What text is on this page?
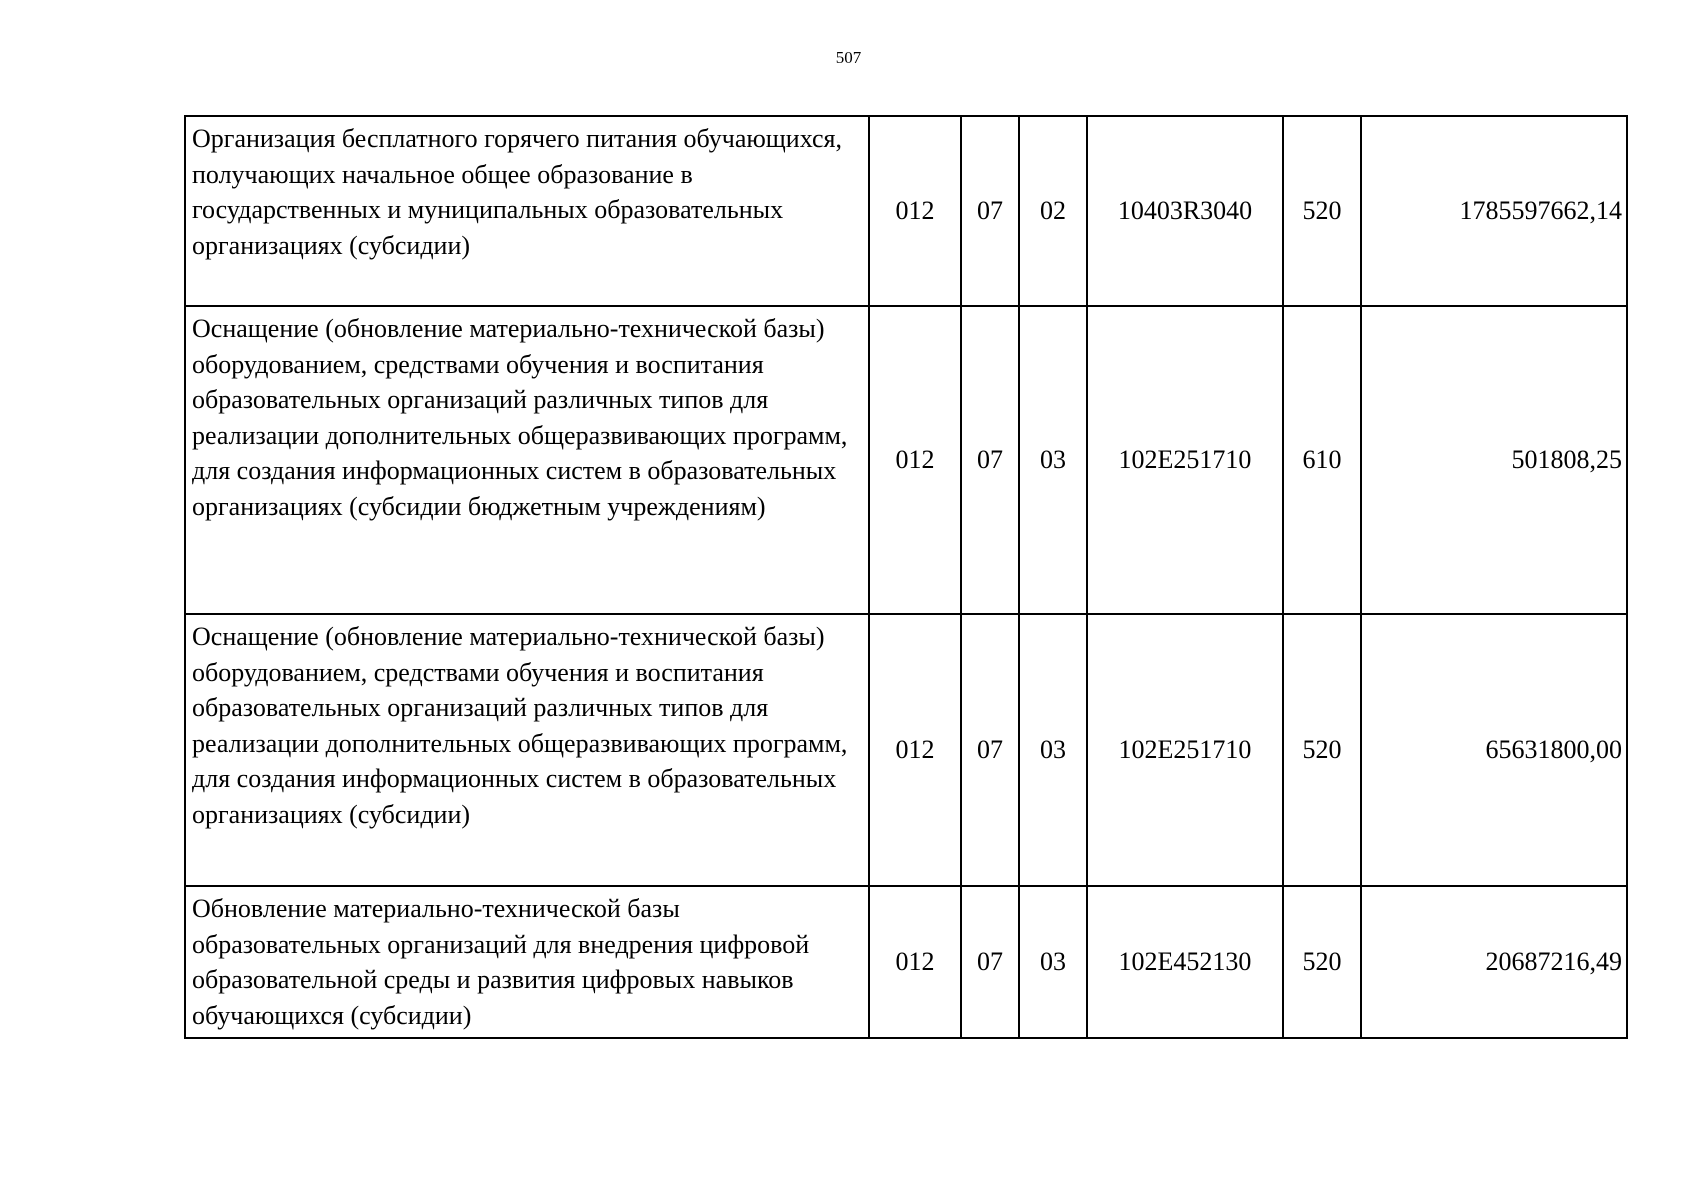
507
Организация бесплатного горячего питания обучающихся, получающих начальное общее образование в государственных и муниципальных образовательных организациях (субсидии)	012	07	02	10403R3040	520	1785597662,14
Оснащение (обновление материально-технической базы) оборудованием, средствами обучения и воспитания образовательных организаций различных типов для реализации дополнительных общеразвивающих программ, для создания информационных систем в образовательных организациях (субсидии бюджетным учреждениям)	012	07	03	102E251710	610	501808,25
Оснащение (обновление материально-технической базы) оборудованием, средствами обучения и воспитания образовательных организаций различных типов для реализации дополнительных общеразвивающих программ, для создания информационных систем в образовательных организациях (субсидии)	012	07	03	102E251710	520	65631800,00
Обновление материально-технической базы образовательных организаций для внедрения цифровой образовательной среды и развития цифровых навыков обучающихся (субсидии)	012	07	03	102E452130	520	20687216,49
